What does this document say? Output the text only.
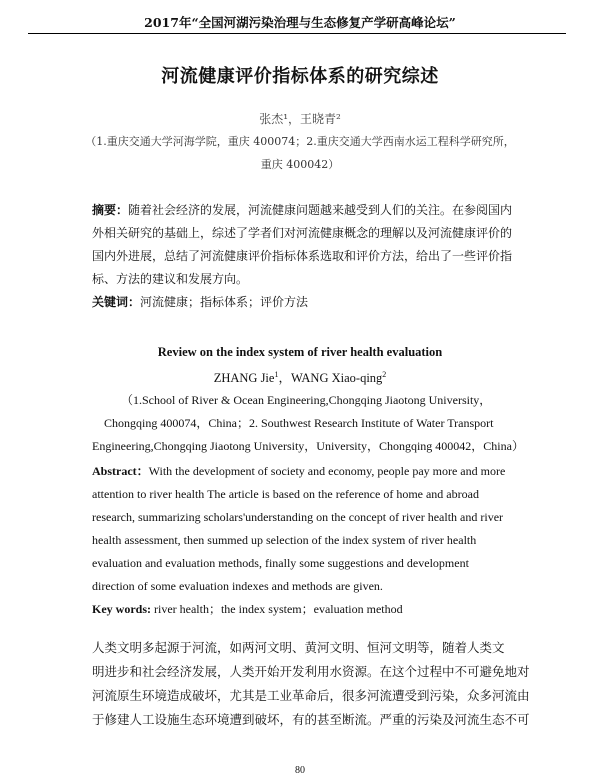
2017年“全国河湖污染治理与生态修复产学研高峰论坛”
河流健康评价指标体系的研究综述
张杰¹，王晓青²
（1.重庆交通大学河海学院，重庆 400074；2.重庆交通大学西南水运工程科学研究所，
重庆 400042）
摘要：随着社会经济的发展，河流健康问题越来越受到人们的关注。在参阅国内
外相关研究的基础上，综述了学者们对河流健康概念的理解以及河流健康评价的
国内外进展，总结了河流健康评价指标体系选取和评价方法，给出了一些评价指
标、方法的建议和发展方向。
关键词：河流健康；指标体系；评价方法
Review on the index system of river health evaluation
ZHANG Jie$^1$，WANG Xiao-qing$^2$
（1.School of River & Ocean Engineering,Chongqing Jiaotong University，
Chongqing 400074，China；2. Southwest Research Institute of Water Transport
Engineering,Chongqing Jiaotong University，University，Chongqing 400042，China）
Abstract：With the development of society and economy, people pay more and more
attention to river health The article is based on the reference of home and abroad
research, summarizing scholars'understanding on the concept of river health and river
health assessment, then summed up selection of the index system of river health
evaluation and evaluation methods, finally some suggestions and development
direction of some evaluation indexes and methods are given.
Key words: river health；the index system；evaluation method
人类文明多起源于河流，如两河文明、黄河文明、恒河文明等，随着人类文
明进步和社会经济发展，人类开始开发利用水资源。在这个过程中不可避免地对
河流原生环境造成破坏，尤其是工业革命后，很多河流遭受到污染，众多河流由
于修建人工设施生态环境遭到破坏，有的甚至断流。严重的污染及河流生态不可
80
